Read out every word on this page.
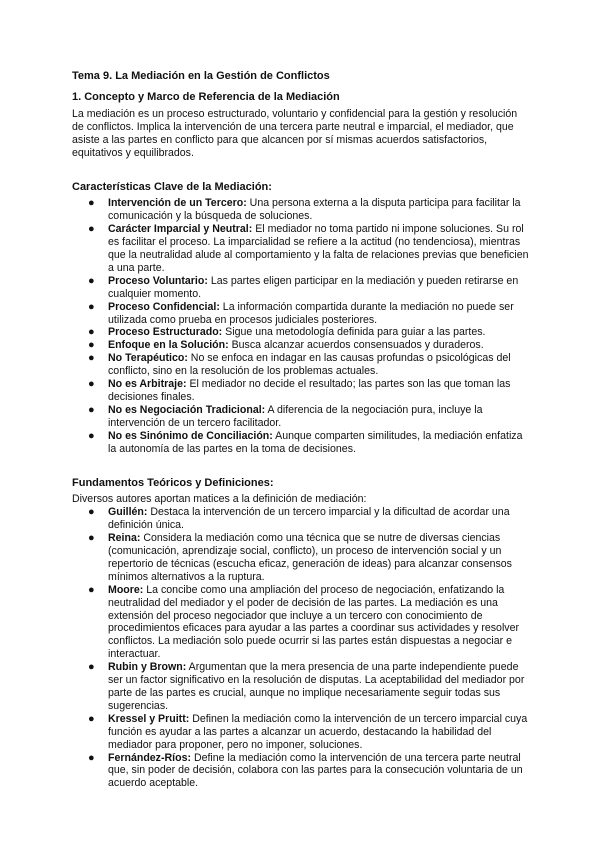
Tema 9. La Mediación en la Gestión de Conflictos
1. Concepto y Marco de Referencia de la Mediación

La mediación es un proceso estructurado, voluntario y confidencial para la gestión y resolución de conflictos. Implica la intervención de una tercera parte neutral e imparcial, el mediador, que asiste a las partes en conflicto para que alcancen por sí mismas acuerdos satisfactorios, equitativos y equilibrados.

Características Clave de la Mediación:
● Intervención de un Tercero: Una persona externa a la disputa participa para facilitar la comunicación y la búsqueda de soluciones.
● Carácter Imparcial y Neutral: El mediador no toma partido ni impone soluciones. Su rol es facilitar el proceso. La imparcialidad se refiere a la actitud (no tendenciosa), mientras que la neutralidad alude al comportamiento y la falta de relaciones previas que beneficien a una parte.
● Proceso Voluntario: Las partes eligen participar en la mediación y pueden retirarse en cualquier momento.
● Proceso Confidencial: La información compartida durante la mediación no puede ser utilizada como prueba en procesos judiciales posteriores.
● Proceso Estructurado: Sigue una metodología definida para guiar a las partes.
● Enfoque en la Solución: Busca alcanzar acuerdos consensuados y duraderos.
● No Terapéutico: No se enfoca en indagar en las causas profundas o psicológicas del conflicto, sino en la resolución de los problemas actuales.
● No es Arbitraje: El mediador no decide el resultado; las partes son las que toman las decisiones finales.
● No es Negociación Tradicional: A diferencia de la negociación pura, incluye la intervención de un tercero facilitador.
● No es Sinónimo de Conciliación: Aunque comparten similitudes, la mediación enfatiza la autonomía de las partes en la toma de decisiones.
Fundamentos Teóricos y Definiciones:

Diversos autores aportan matices a la definición de mediación:

● Guillén: Destaca la intervención de un tercero imparcial y la dificultad de acordar una definición única.
● Reina: Considera la mediación como una técnica que se nutre de diversas ciencias (comunicación, aprendizaje social, conflicto), un proceso de intervención social y un repertorio de técnicas (escucha eficaz, generación de ideas) para alcanzar consensos mínimos alternativos a la ruptura.
● Moore: La concibe como una ampliación del proceso de negociación, enfatizando la neutralidad del mediador y el poder de decisión de las partes. La mediación es una extensión del proceso negociador que incluye a un tercero con conocimiento de procedimientos eficaces para ayudar a las partes a coordinar sus actividades y resolver conflictos. La mediación solo puede ocurrir si las partes están dispuestas a negociar e interactuar.
● Rubin y Brown: Argumentan que la mera presencia de una parte independiente puede ser un factor significativo en la resolución de disputas. La aceptabilidad del mediador por parte de las partes es crucial, aunque no implique necesariamente seguir todas sus sugerencias.
● Kressel y Pruitt: Definen la mediación como la intervención de un tercero imparcial cuya función es ayudar a las partes a alcanzar un acuerdo, destacando la habilidad del mediador para proponer, pero no imponer, soluciones.
● Fernández-Ríos: Define la mediación como la intervención de una tercera parte neutral que, sin poder de decisión, colabora con las partes para la consecución voluntaria de un acuerdo aceptable.
